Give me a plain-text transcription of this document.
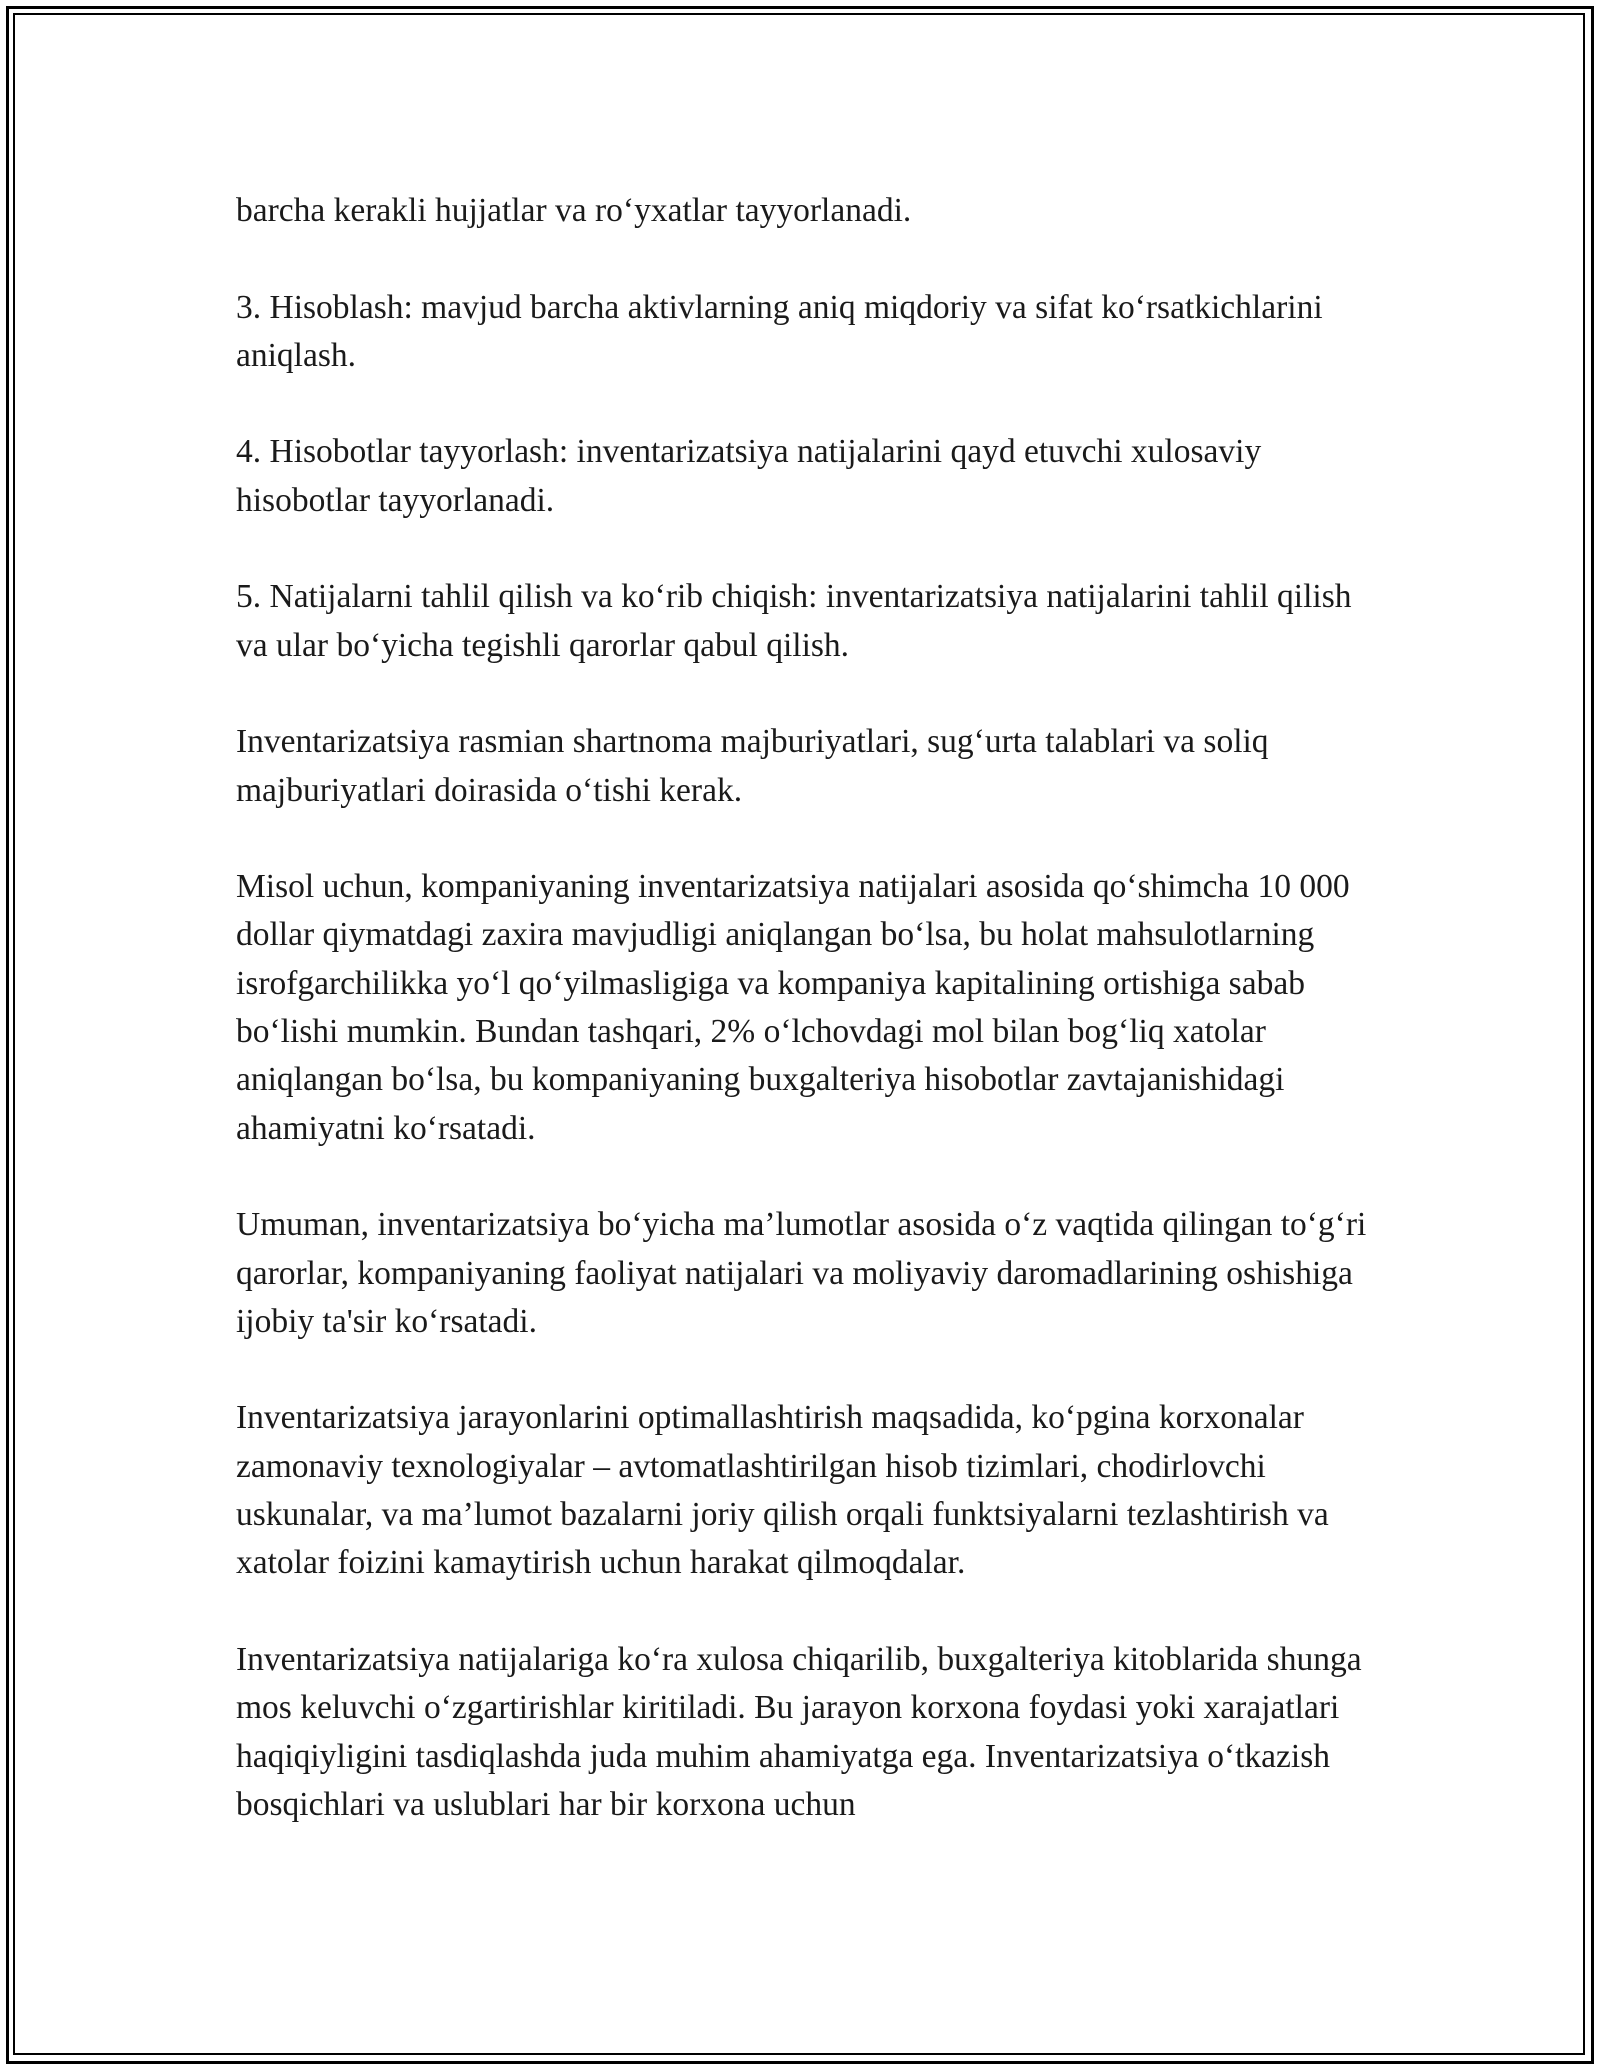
barcha kerakli hujjatlar va ro‘yxatlar tayyorlanadi.

3. Hisoblash: mavjud barcha aktivlarning aniq miqdoriy va sifat ko‘rsatkichlarini aniqlash.

4. Hisobotlar tayyorlash: inventarizatsiya natijalarini qayd etuvchi xulosaviy hisobotlar tayyorlanadi.

5. Natijalarni tahlil qilish va ko‘rib chiqish: inventarizatsiya natijalarini tahlil qilish va ular bo‘yicha tegishli qarorlar qabul qilish.

Inventarizatsiya rasmian shartnoma majburiyatlari, sug‘urta talablari va soliq majburiyatlari doirasida o‘tishi kerak.

Misol uchun, kompaniyaning inventarizatsiya natijalari asosida qo‘shimcha 10 000 dollar qiymatdagi zaxira mavjudligi aniqlangan bo‘lsa, bu holat mahsulotlarning isrofgarchilikka yo‘l qo‘yilmasligiga va kompaniya kapitalining ortishiga sabab bo‘lishi mumkin. Bundan tashqari, 2% o‘lchovdagi mol bilan bog‘liq xatolar aniqlangan bo‘lsa, bu kompaniyaning buxgalteriya hisobotlar zavtajanishidagi ahamiyatni ko‘rsatadi.

Umuman, inventarizatsiya bo‘yicha ma’lumotlar asosida o‘z vaqtida qilingan to‘g‘ri qarorlar, kompaniyaning faoliyat natijalari va moliyaviy daromadlarining oshishiga ijobiy ta'sir ko‘rsatadi.

Inventarizatsiya jarayonlarini optimallashtirish maqsadida, ko‘pgina korxonalar zamonaviy texnologiyalar – avtomatlashtirilgan hisob tizimlari, chodirlovchi uskunalar, va ma’lumot bazalarni joriy qilish orqali funktsiyalarni tezlashtirish va xatolar foizini kamaytirish uchun harakat qilmoqdalar.

Inventarizatsiya natijalariga ko‘ra xulosa chiqarilib, buxgalteriya kitoblarida shunga mos keluvchi o‘zgartirishlar kiritiladi. Bu jarayon korxona foydasi yoki xarajatlari haqiqiyligini tasdiqlashda juda muhim ahamiyatga ega. Inventarizatsiya o‘tkazish bosqichlari va uslublari har bir korxona uchun
